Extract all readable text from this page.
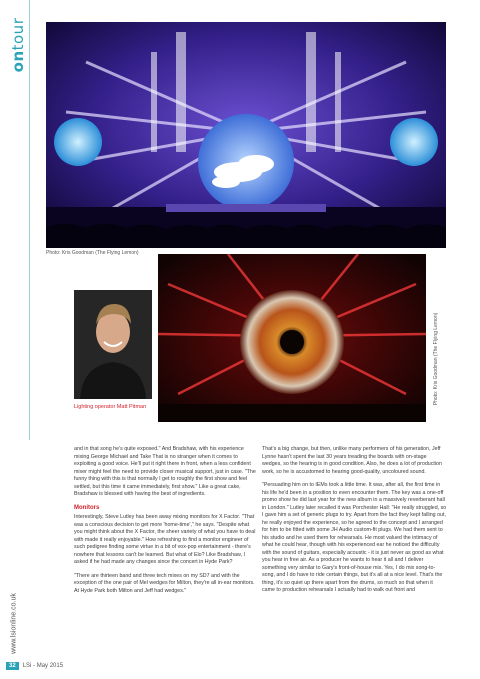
ontour
Photo: Kris Goodman (The Flying Lemon)
Photo: Kris Goodman (The Flying Lemon)
Lighting operator Matt Pitman

and in that song he's quite exposed." And Bradshaw, with his experience mixing George Michael and Take That is no stranger when it comes to exploiting a good voice. He'll put it right there in front, when a less confident mixer might feel the need to provide closer musical support, just in case. "The funny thing with this is that normally I get to roughly the first show and feel settled, but this time it came immediately, first show." Like a great cake, Bradshaw is blessed with having the best of ingredients.

Monitors

Interestingly, Steve Lutley has been away mixing monitors for X Factor. "That was a conscious decision to get more 'home-time'," he says. "Despite what you might think about the X Factor, the sheer variety of what you have to deal with made it really enjoyable." How refreshing to find a monitor engineer of such pedigree finding some virtue in a bit of vox-pop entertainment - there's nowhere that lessons can't be learned. But what of Elo? Like Bradshaw, I asked if he had made any changes since the concert in Hyde Park?

"There are thirteen band and three tech mixes on my SD7 and with the exception of the one pair of Mel wedges for Milton, they're all in-ear monitors. At Hyde Park both Milton and Jeff had wedges."

That's a big change, but then, unlike many performers of his generation, Jeff Lynne hasn't spent the last 30 years treading the boards with on-stage wedges, so the hearing is in good condition. Also, he does a lot of production work, so he is accustomed to hearing good-quality, uncoloured sound.

"Persuading him on to IEMs took a little time. It was, after all, the first time in his life he'd been in a position to even encounter them. The key was a one-off promo show he did last year for the new album in a massively reverberant hall in London." Lutley later recalled it was Porchester Hall: "He really struggled, so I gave him a set of generic plugs to try. Apart from the fact they kept falling out, he really enjoyed the experience, so he agreed to the concept and I arranged for him to be fitted with some JH Audio custom-fit plugs. We had them sent to his studio and he used them for rehearsals. He most valued the intimacy of what he could hear, though with his experienced ear he noticed the difficulty with the sound of guitars, especially acoustic - it is just never as good as what you hear in free air. As a producer he wants to hear it all and I deliver something very similar to Gary's front-of-house mix. Yes, I do mix song-to-song, and I do have to ride certain things, but it's all at a nice level. That's the thing, it's so quiet up there apart from the drums, so much so that when it came to production rehearsals I actually had to walk out front and

www.lsionline.co.uk
32	LSi - May 2015
